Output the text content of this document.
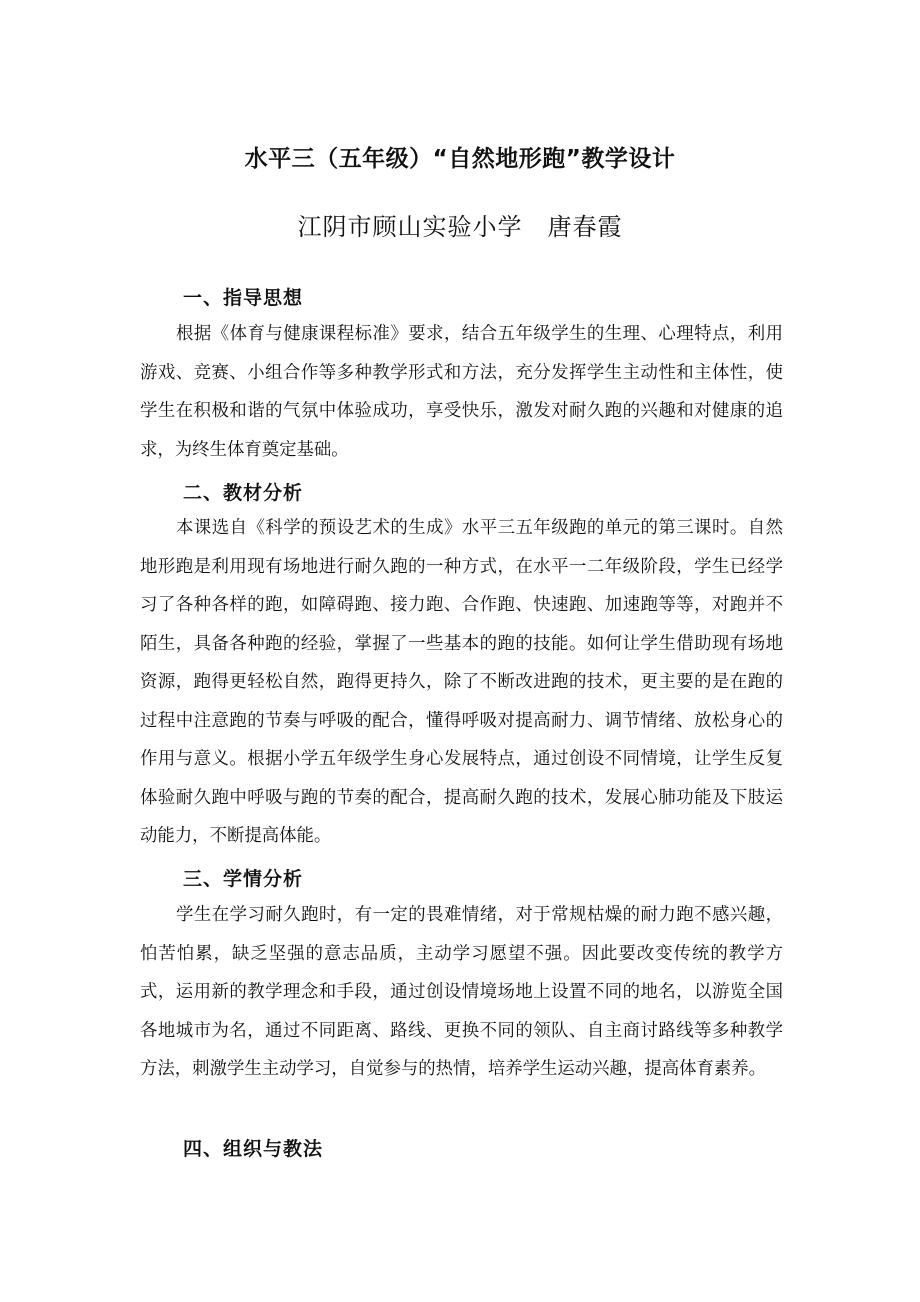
水平三（五年级）“自然地形跑”教学设计

江阴市顾山实验小学　唐春霞

一、指导思想

根据《体育与健康课程标准》要求，结合五年级学生的生理、心理特点，利用游戏、竞赛、小组合作等多种教学形式和方法，充分发挥学生主动性和主体性，使学生在积极和谐的气氛中体验成功，享受快乐，激发对耐久跑的兴趣和对健康的追求，为终生体育奠定基础。

二、教材分析

本课选自《科学的预设艺术的生成》水平三五年级跑的单元的第三课时。自然地形跑是利用现有场地进行耐久跑的一种方式，在水平一二年级阶段，学生已经学习了各种各样的跑，如障碍跑、接力跑、合作跑、快速跑、加速跑等等，对跑并不陌生，具备各种跑的经验，掌握了一些基本的跑的技能。如何让学生借助现有场地资源，跑得更轻松自然，跑得更持久，除了不断改进跑的技术，更主要的是在跑的过程中注意跑的节奏与呼吸的配合，懂得呼吸对提高耐力、调节情绪、放松身心的作用与意义。根据小学五年级学生身心发展特点，通过创设不同情境，让学生反复体验耐久跑中呼吸与跑的节奏的配合，提高耐久跑的技术，发展心肺功能及下肢运动能力，不断提高体能。

三、学情分析

学生在学习耐久跑时，有一定的畏难情绪，对于常规枯燥的耐力跑不感兴趣，怕苦怕累，缺乏坚强的意志品质，主动学习愿望不强。因此要改变传统的教学方式，运用新的教学理念和手段，通过创设情境场地上设置不同的地名，以游览全国各地城市为名，通过不同距离、路线、更换不同的领队、自主商讨路线等多种教学方法，刺激学生主动学习，自觉参与的热情，培养学生运动兴趣，提高体育素养。

四、组织与教法
